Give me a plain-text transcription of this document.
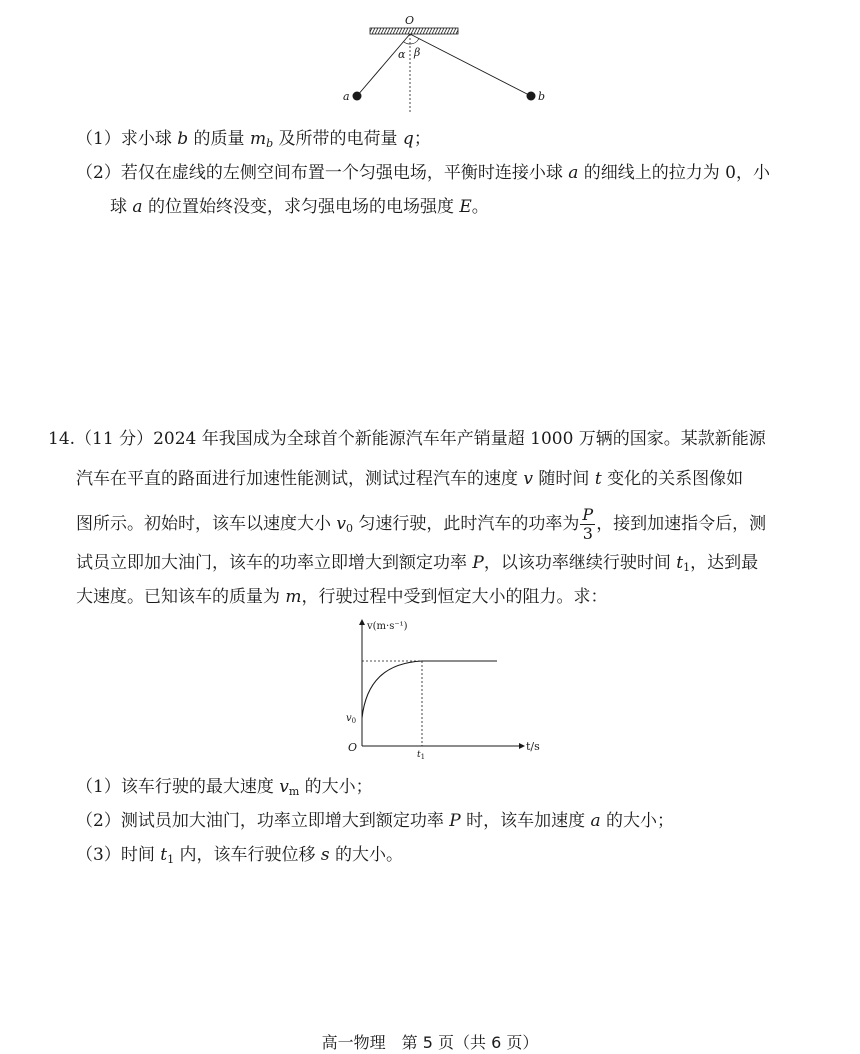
O
α β
a	b
（1）求小球 b 的质量 $m_b$ 及所带的电荷量 q；
（2）若仅在虚线的左侧空间布置一个匀强电场，平衡时连接小球 a 的细线上的拉力为 0，小
球 a 的位置始终没变，求匀强电场的电场强度 E。
14.（11 分）2024 年我国成为全球首个新能源汽车年产销量超 1000 万辆的国家。某款新能源
汽车在平直的路面进行加速性能测试，测试过程汽车的速度 v 随时间 t 变化的关系图像如
图所示。初始时，该车以速度大小 $v_0$ 匀速行驶，此时汽车的功率为 $\frac{P}{3}$ ，接到加速指令后，测
试员立即加大油门，该车的功率立即增大到额定功率 P，以该功率继续行驶时间 $t_1$，达到最
大速度。已知该车的质量为 m，行驶过程中受到恒定大小的阻力。求：
v(m·s⁻¹)
t/s
O
$v_0$
$t_1$
（1）该车行驶的最大速度 $v_m$ 的大小；
（2）测试员加大油门，功率立即增大到额定功率 P 时，该车加速度 a 的大小；
（3）时间 $t_1$ 内，该车行驶位移 s 的大小。
高一物理　第 5 页（共 6 页）
